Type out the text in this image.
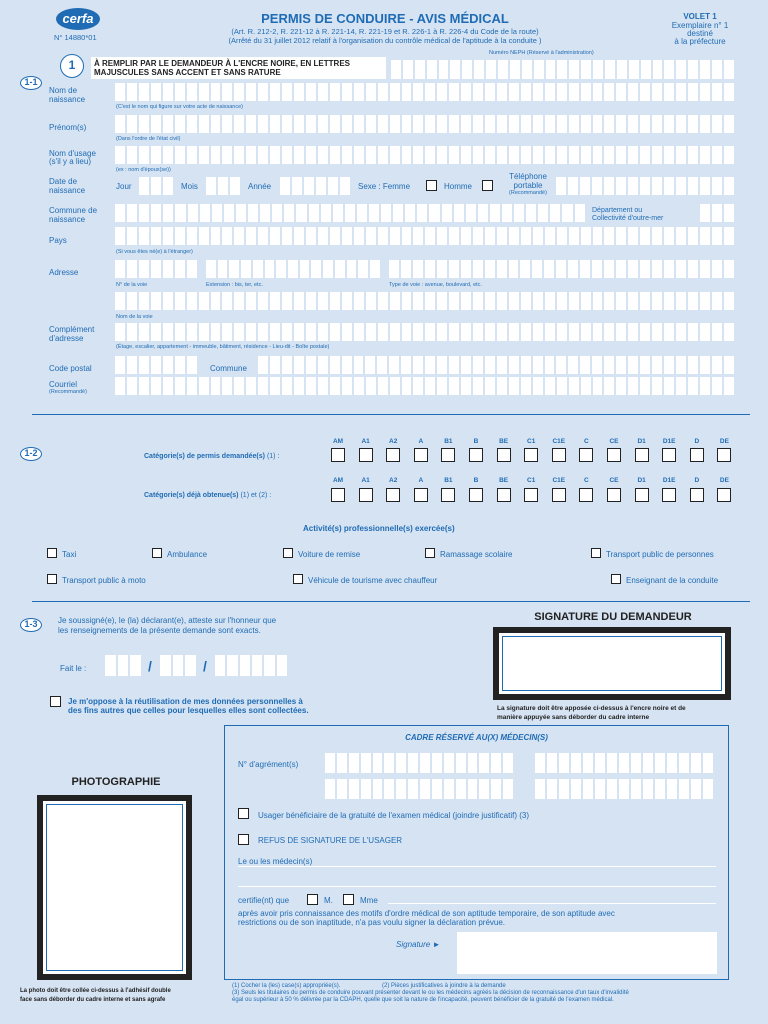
cerfa
N° 14880*01
PERMIS DE CONDUIRE - AVIS MÉDICAL
(Art. R. 212-2, R. 221-12 à R. 221-14, R. 221-19 et R. 226-1 à R. 226-4 du Code de la route)
(Arrêté du 31 juillet 2012 relatif à l'organisation du contrôle médical de l'aptitude à la conduite )
VOLET 1
Exemplaire n° 1
destiné
à la préfecture
1	À REMPLIR PAR LE DEMANDEUR À L'ENCRE NOIRE, EN LETTRES
MAJUSCULES SANS ACCENT ET SANS RATURE
Numéro NEPH (Réservé à l'administration)
1-1
Nom de
naissance
(C'est le nom qui figure sur votre acte de naissance)
Prénom(s)
(Dans l'ordre de l'état civil)
Nom d'usage
(s'il y a lieu)
(ex : nom d'époux(se))
Date de
naissance	Jour	Mois	Année	Sexe : Femme	Homme
Téléphone
portable
(Recommandé)
Commune de
naissance
Département ou
Collectivité d'outre-mer
Pays
(Si vous êtes né(e) à l'étranger)
Adresse
N° de la voie	Extension : bis, ter, etc.	Type de voie : avenue, boulevard, etc.
Nom de la voie
Complément
d'adresse
(Étage, escalier, appartement - immeuble, bâtiment, résidence - Lieu-dit - Boîte postale)
Code postal	Commune
Courriel
(Recommandé)
1-2	Catégorie(s) de permis demandée(s) (1) :
Catégorie(s) déjà obtenue(s) (1) et (2) :
AM	A1	A2	A	B1	B	BE	C1	C1E	C	CE	D1	D1E	D	DE
AM	A1	A2	A	B1	B	BE	C1	C1E	C	CE	D1	D1E	D	DE
Activité(s) professionnelle(s) exercée(s)
Taxi	Ambulance	Voiture de remise	Ramassage scolaire	Transport public de personnes
Transport public à moto	Véhicule de tourisme avec chauffeur	Enseignant de la conduite
1-3	Je soussigné(e), le (la) déclarant(e), atteste sur l'honneur que
les renseignements de la présente demande sont exacts.
Fait le :	/	/
Je m'oppose à la réutilisation de mes données personnelles à
des fins autres que celles pour lesquelles elles sont collectées.
SIGNATURE DU DEMANDEUR
La signature doit être apposée ci-dessus à l'encre noire et de
manière appuyée sans déborder du cadre interne
PHOTOGRAPHIE
La photo doit être collée ci-dessus à l'adhésif double
face sans déborder du cadre interne et sans agrafe
CADRE RÉSERVÉ AU(X) MÉDECIN(S)
N° d'agrément(s)
Usager bénéficiaire de la gratuité de l'examen médical (joindre justificatif) (3)
REFUS DE SIGNATURE DE L'USAGER
Le ou les médecin(s)
certifie(nt) que	M.	Mme
après avoir pris connaissance des motifs d'ordre médical de son aptitude temporaire, de son aptitude avec
restrictions ou de son inaptitude, n'a pas voulu signer la déclaration prévue.
Signature ►
(1) Cocher la (les) case(s) appropriée(s).	(2) Pièces justificatives à joindre à la demande
(3) Seuls les titulaires du permis de conduire pouvant présenter devant le ou les médecins agréés la décision de reconnaissance d'un taux d'invalidité
égal ou supérieur à 50 % délivrée par la CDAPH, quelle que soit la nature de l'incapacité, peuvent bénéficier de la gratuité de l'examen médical.
